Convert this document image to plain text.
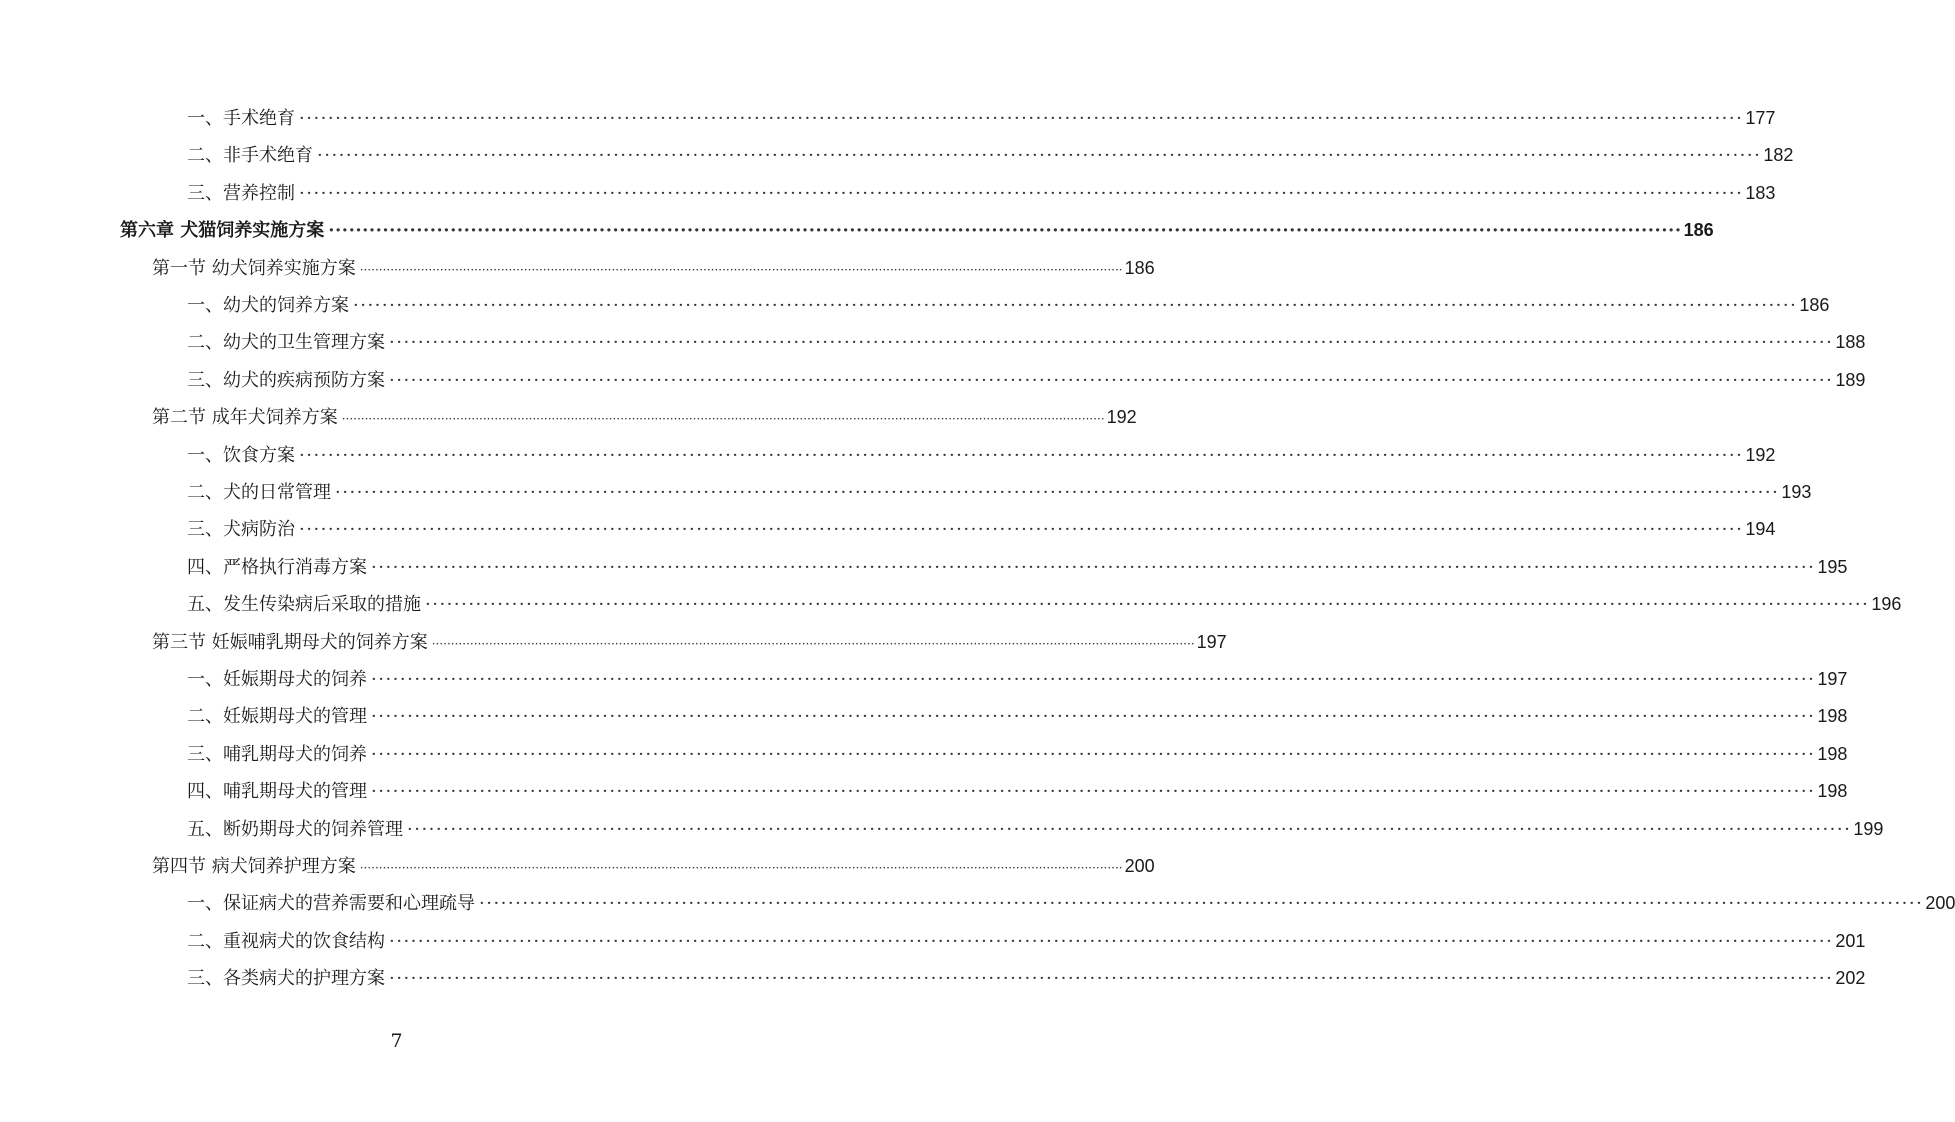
一、手术绝育 ········································································································································································································ 177
二、非手术绝育 ········································································································································································································ 182
三、营养控制 ········································································································································································································ 183
第六章 犬猫饲养实施方案 ········································································································································································································ 186
第一节 幼犬饲养实施方案 ········································································································································································································ 186
一、幼犬的饲养方案 ········································································································································································································ 186
二、幼犬的卫生管理方案 ········································································································································································································ 188
三、幼犬的疾病预防方案 ········································································································································································································ 189
第二节 成年犬饲养方案 ········································································································································································································ 192
一、饮食方案 ········································································································································································································ 192
二、犬的日常管理 ········································································································································································································ 193
三、犬病防治 ········································································································································································································ 194
四、严格执行消毒方案 ········································································································································································································ 195
五、发生传染病后采取的措施 ········································································································································································································ 196
第三节 妊娠哺乳期母犬的饲养方案 ········································································································································································································ 197
一、妊娠期母犬的饲养 ········································································································································································································ 197
二、妊娠期母犬的管理 ········································································································································································································ 198
三、哺乳期母犬的饲养 ········································································································································································································ 198
四、哺乳期母犬的管理 ········································································································································································································ 198
五、断奶期母犬的饲养管理 ········································································································································································································ 199
第四节 病犬饲养护理方案 ········································································································································································································ 200
一、保证病犬的营养需要和心理疏导 ········································································································································································································ 200
二、重视病犬的饮食结构 ········································································································································································································ 201
三、各类病犬的护理方案 ········································································································································································································ 202
7
